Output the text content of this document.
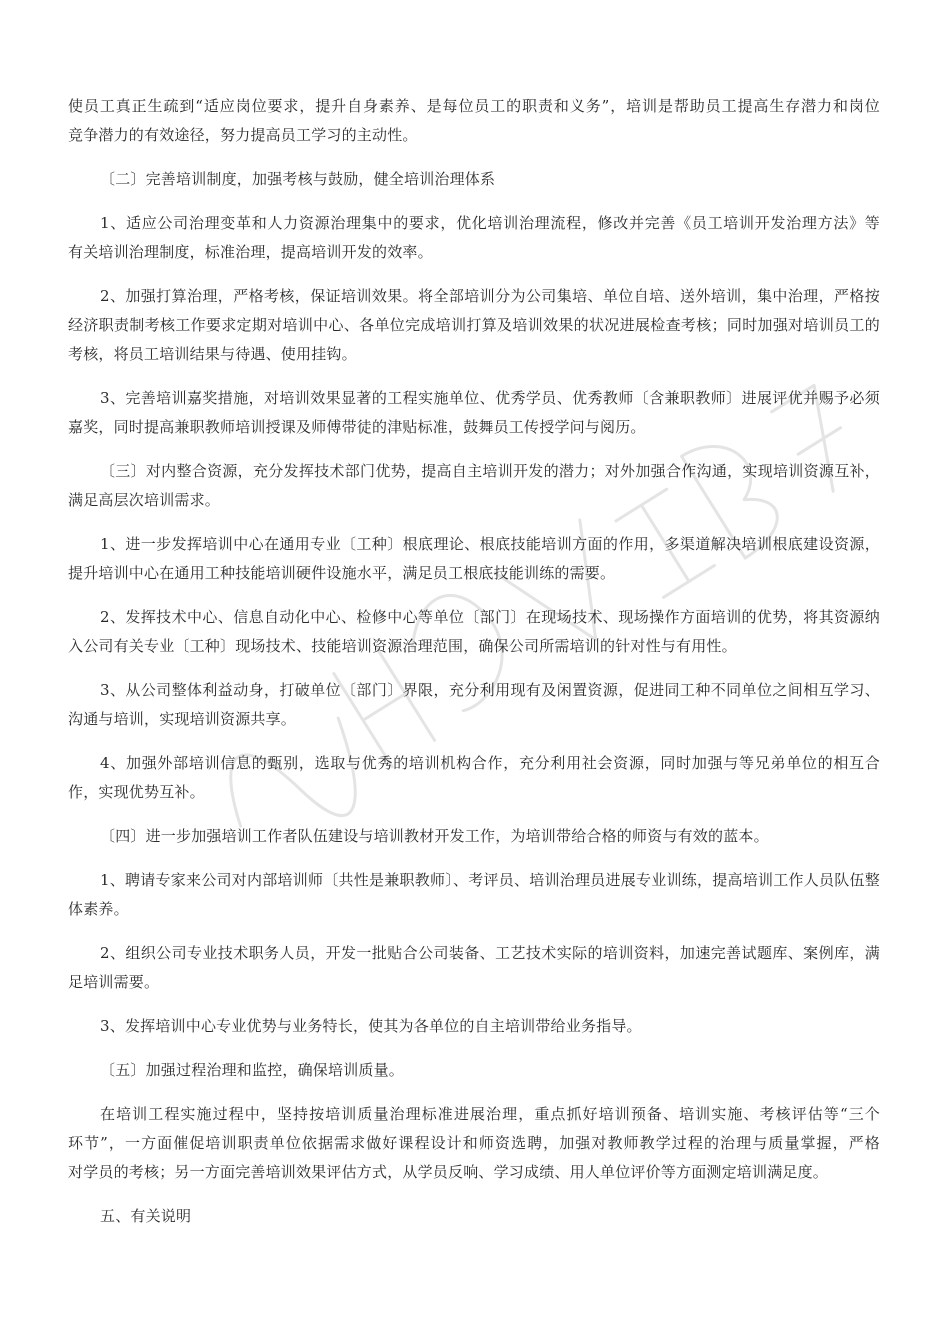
使员工真正生疏到“适应岗位要求，提升自身素养、是每位员工的职责和义务”，培训是帮助员工提高生存潜力和岗位　　竞争潜力的有效途径，努力提高员工学习的主动性。

〔二〕完善培训制度，加强考核与鼓励，健全培训治理体系

1、适应公司治理变革和人力资源治理集中的要求，优化培训治理流程，修改并完善《员工培训开发治理方法》等　　有关培训治理制度，标准治理，提高培训开发的效率。

2、加强打算治理，严格考核，保证培训效果。将全部培训分为公司集培、单位自培、送外培训，集中治理，严格按经济职责制考核工作要求定期对培训中心、各单位完成培训打算及培训效果的状况进展检查考核；同时加强对培训员工的考核，将员工培训结果与待遇、使用挂钩。

3、完善培训嘉奖措施，对培训效果显著的工程实施单位、优秀学员、优秀教师〔含兼职教师〕进展评优并赐予必须嘉奖，同时提高兼职教师培训授课及师傅带徒的津贴标准，鼓舞员工传授学问与阅历。

〔三〕对内整合资源，充分发挥技术部门优势，提高自主培训开发的潜力；对外加强合作沟通，实现培训资源互补，满足高层次培训需求。

1、进一步发挥培训中心在通用专业〔工种〕根底理论、根底技能培训方面的作用，多渠道解决培训根底建设资源，提升培训中心在通用工种技能培训硬件设施水平，满足员工根底技能训练的需要。

2、发挥技术中心、信息自动化中心、检修中心等单位〔部门〕在现场技术、现场操作方面培训的优势，将其资源纳入公司有关专业〔工种〕现场技术、技能培训资源治理范围，确保公司所需培训的针对性与有用性。

3、从公司整体利益动身，打破单位〔部门〕界限，充分利用现有及闲置资源，促进同工种不同单位之间相互学习、沟通与培训，实现培训资源共享。

4、加强外部培训信息的甄别，选取与优秀的培训机构合作，充分利用社会资源，同时加强与等兄弟单位的相互合作，实现优势互补。

〔四〕进一步加强培训工作者队伍建设与培训教材开发工作，为培训带给合格的师资与有效的蓝本。

1、聘请专家来公司对内部培训师〔共性是兼职教师〕、考评员、培训治理员进展专业训练，提高培训工作人员队伍整体素养。

2、组织公司专业技术职务人员，开发一批贴合公司装备、工艺技术实际的培训资料，加速完善试题库、案例库，满足培训需要。

3、发挥培训中心专业优势与业务特长，使其为各单位的自主培训带给业务指导。

〔五〕加强过程治理和监控，确保培训质量。

在培训工程实施过程中，坚持按培训质量治理标准进展治理，重点抓好培训预备、培训实施、考核评估等“三个　　环节”，一方面催促培训职责单位依据需求做好课程设计和师资选聘，加强对教师教学过程的治理与质量掌握，严格　　对学员的考核；另一方面完善培训效果评估方式，从学员反响、学习成绩、用人单位评价等方面测定培训满足度。

五、有关说明
